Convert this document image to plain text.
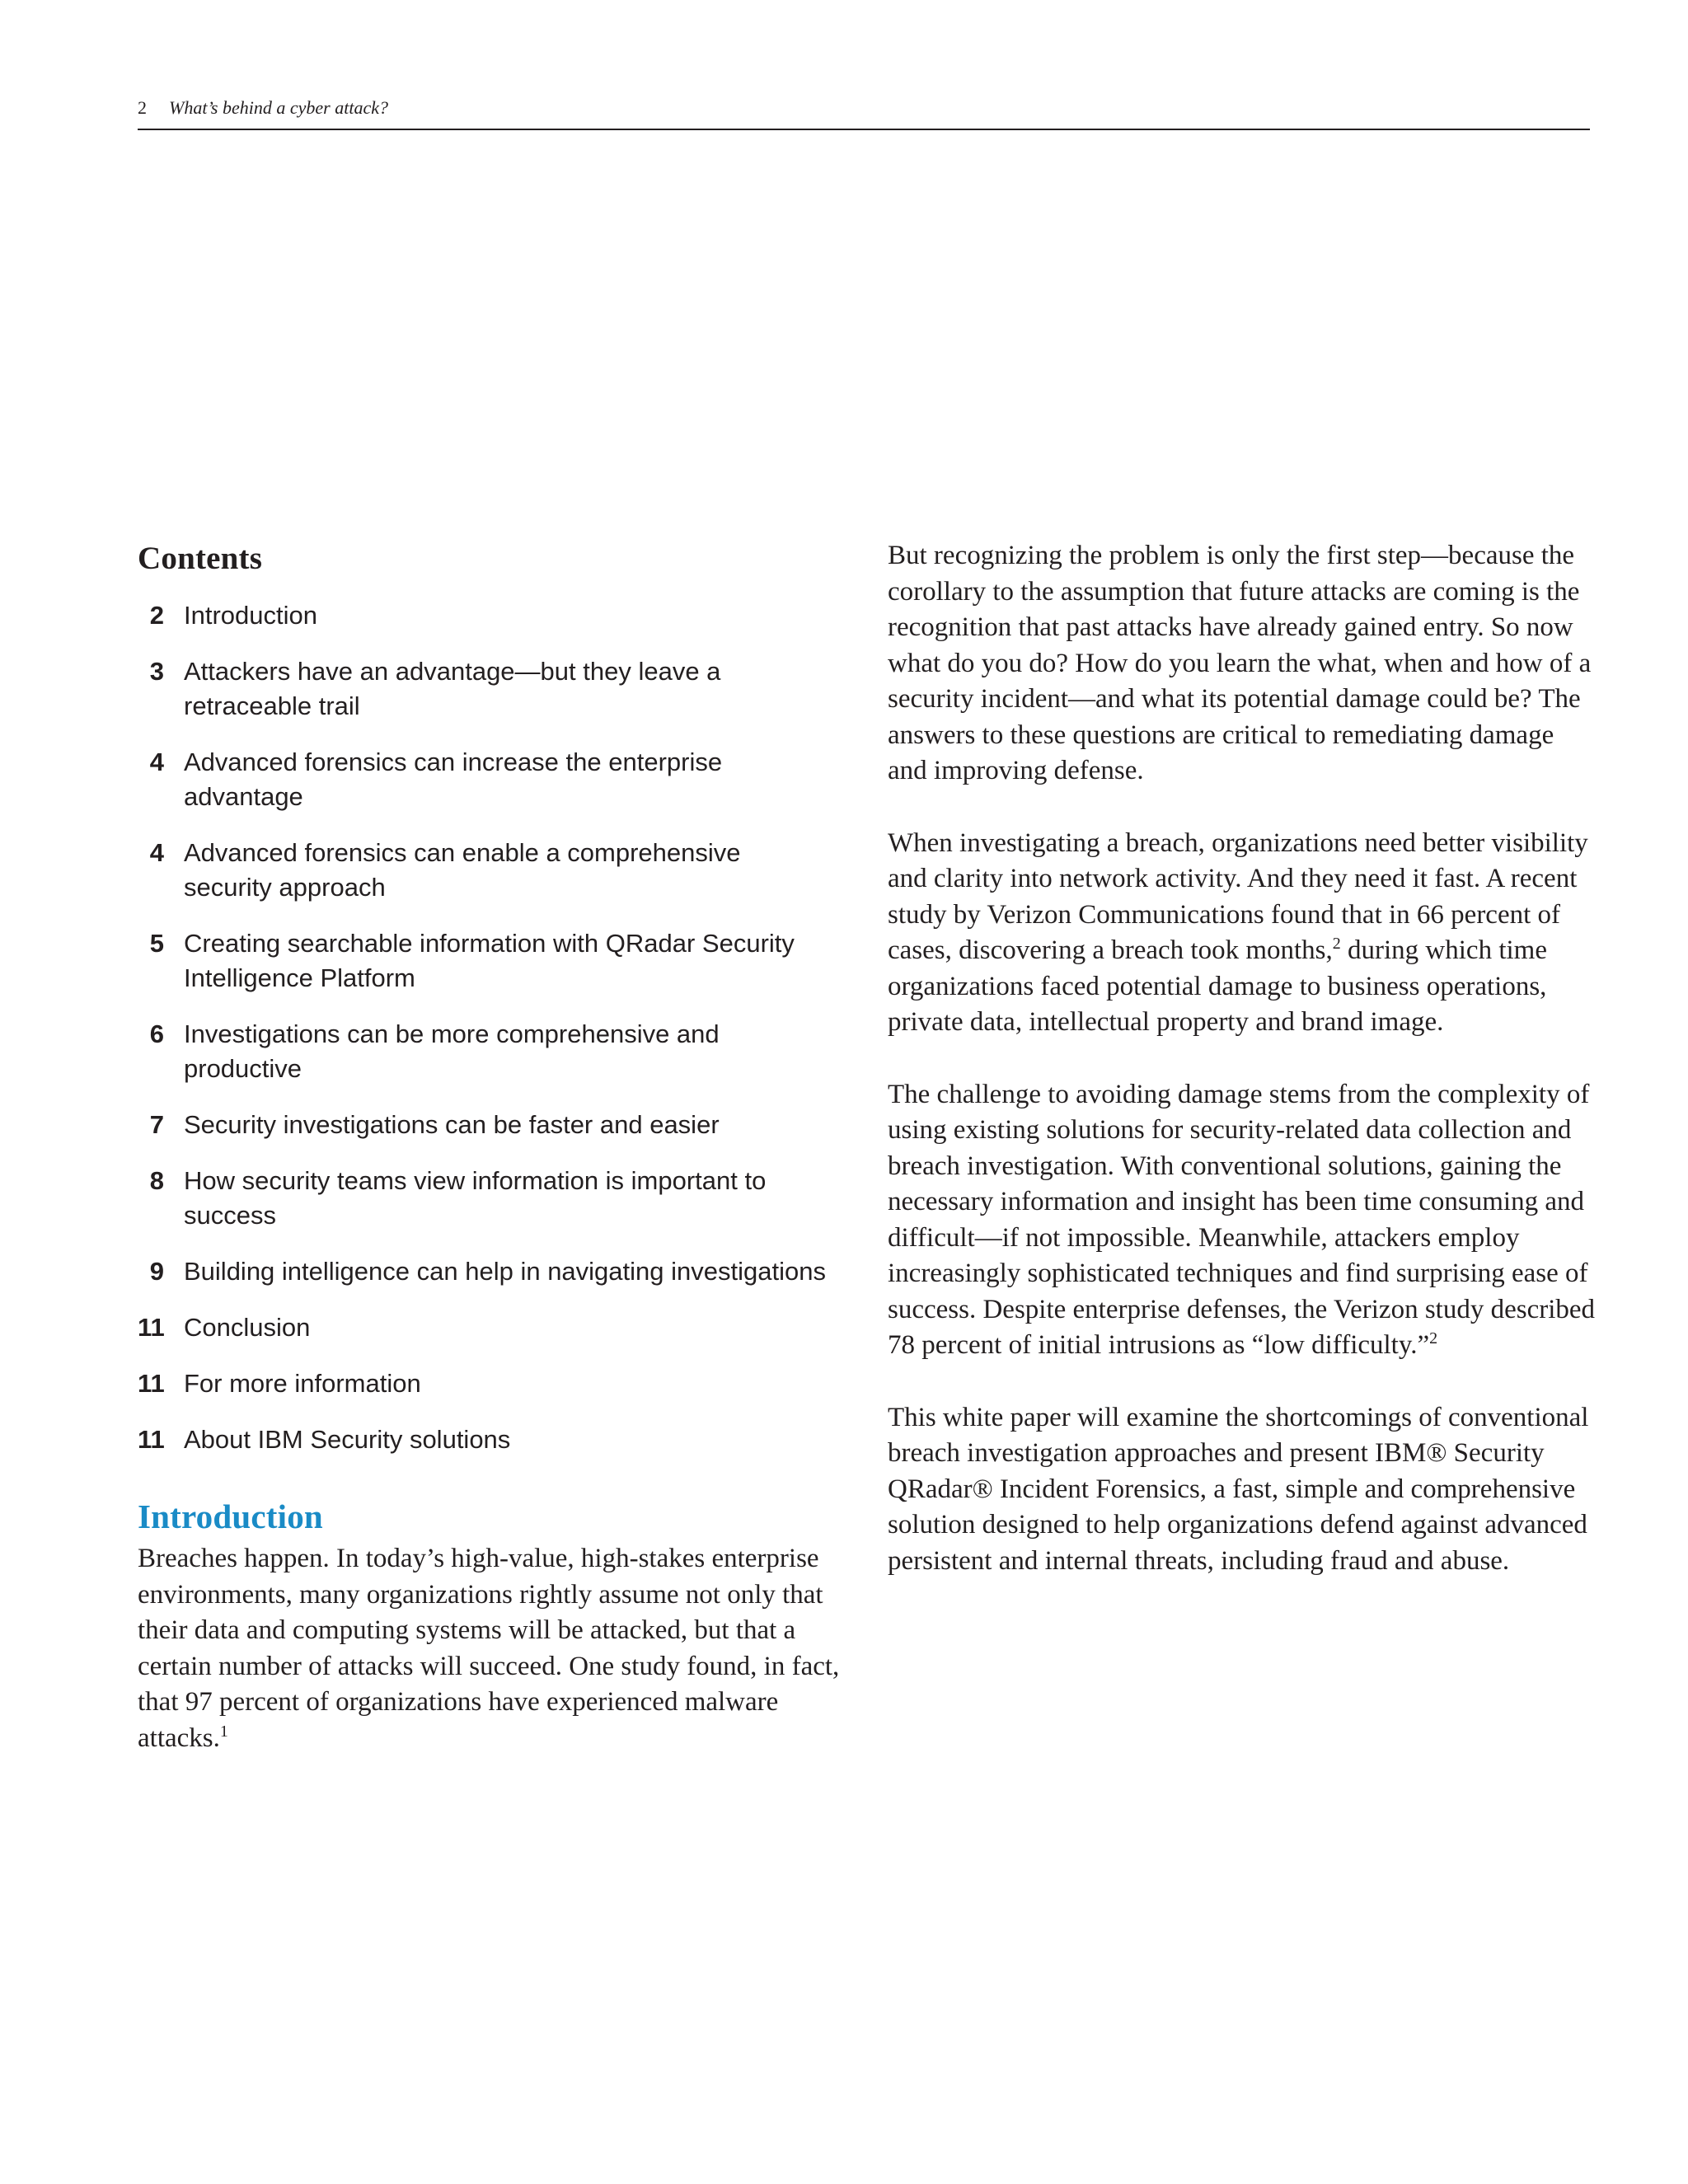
2 What’s behind a cyber attack?
Contents
2 Introduction
3 Attackers have an advantage—but they leave a retraceable trail
4 Advanced forensics can increase the enterprise advantage
4 Advanced forensics can enable a comprehensive security approach
5 Creating searchable information with QRadar Security Intelligence Platform
6 Investigations can be more comprehensive and productive
7 Security investigations can be faster and easier
8 How security teams view information is important to success
9 Building intelligence can help in navigating investigations
11 Conclusion
11 For more information
11 About IBM Security solutions
Introduction

Breaches happen. In today’s high-value, high-stakes enterprise environments, many organizations rightly assume not only that their data and computing systems will be attacked, but that a certain number of attacks will succeed. One study found, in fact, that 97 percent of organizations have experienced malware attacks.$^1$

But recognizing the problem is only the first step—because the corollary to the assumption that future attacks are coming is the recognition that past attacks have already gained entry. So now what do you do? How do you learn the what, when and how of a security incident—and what its potential damage could be? The answers to these questions are critical to remediating damage and improving defense.

When investigating a breach, organizations need better visibility and clarity into network activity. And they need it fast. A recent study by Verizon Communications found that in 66 percent of cases, discovering a breach took months,$^2$ during which time organizations faced potential damage to business operations, private data, intellectual property and brand image.

The challenge to avoiding damage stems from the complexity of using existing solutions for security-related data collection and breach investigation. With conventional solutions, gaining the necessary information and insight has been time consuming and difficult—if not impossible. Meanwhile, attackers employ increasingly sophisticated techniques and find surprising ease of success. Despite enterprise defenses, the Verizon study described 78 percent of initial intrusions as “low difficulty.”$^2$

This white paper will examine the shortcomings of conventional breach investigation approaches and present IBM® Security QRadar® Incident Forensics, a fast, simple and comprehensive solution designed to help organizations defend against advanced persistent and internal threats, including fraud and abuse.
